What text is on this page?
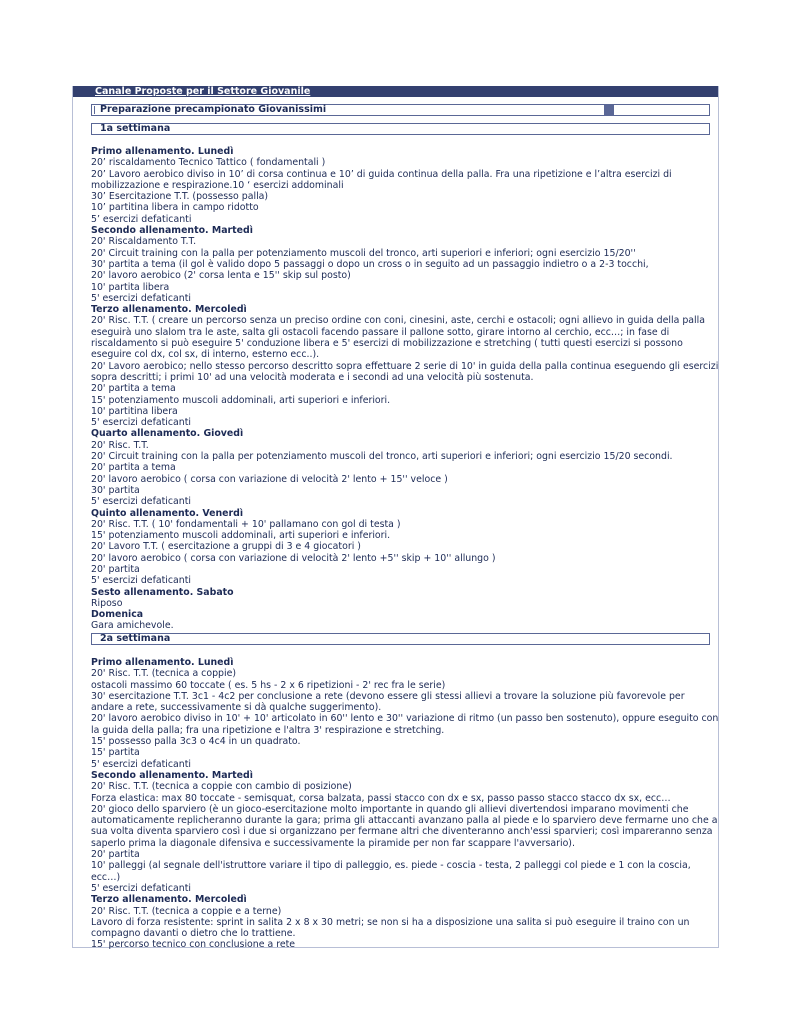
Canale Proposte per il Settore Giovanile
Preparazione precampionato Giovanissimi
1a settimana
Primo allenamento. Lunedì
20’ riscaldamento Tecnico Tattico ( fondamentali )
20’ Lavoro aerobico diviso in 10’ di corsa continua e 10’ di guida continua della palla. Fra una ripetizione e l’altra esercizi di
mobilizzazione e respirazione.10 ‘ esercizi addominali
30’ Esercitazione T.T. (possesso palla)
10’ partitina libera in campo ridotto
5’ esercizi defaticanti
Secondo allenamento. Martedì
20' Riscaldamento T.T.
20' Circuit training con la palla per potenziamento muscoli del tronco, arti superiori e inferiori; ogni esercizio 15/20''
30' partita a tema (il gol è valido dopo 5 passaggi o dopo un cross o in seguito ad un passaggio indietro o a 2-3 tocchi,
20' lavoro aerobico (2' corsa lenta e 15'' skip sul posto)
10' partita libera
5' esercizi defaticanti
Terzo allenamento. Mercoledì
20' Risc. T.T. ( creare un percorso senza un preciso ordine con coni, cinesini, aste, cerchi e ostacoli; ogni allievo in guida della palla
eseguirà uno slalom tra le aste, salta gli ostacoli facendo passare il pallone sotto, girare intorno al cerchio, ecc…; in fase di
riscaldamento si può eseguire 5' conduzione libera e 5' esercizi di mobilizzazione e stretching ( tutti questi esercizi si possono
eseguire col dx, col sx, di interno, esterno ecc..).
20' Lavoro aerobico; nello stesso percorso descritto sopra effettuare 2 serie di 10' in guida della palla continua eseguendo gli esercizi
sopra descritti; i primi 10' ad una velocità moderata e i secondi ad una velocità più sostenuta.
20' partita a tema
15' potenziamento muscoli addominali, arti superiori e inferiori.
10' partitina libera
5' esercizi defaticanti
Quarto allenamento. Giovedì
20' Risc. T.T.
20' Circuit training con la palla per potenziamento muscoli del tronco, arti superiori e inferiori; ogni esercizio 15/20 secondi.
20' partita a tema
20' lavoro aerobico ( corsa con variazione di velocità 2' lento + 15'' veloce )
30' partita
5' esercizi defaticanti
Quinto allenamento. Venerdì
20' Risc. T.T. ( 10' fondamentali + 10' pallamano con gol di testa )
15' potenziamento muscoli addominali, arti superiori e inferiori.
20' Lavoro T.T. ( esercitazione a gruppi di 3 e 4 giocatori )
20' lavoro aerobico ( corsa con variazione di velocità 2' lento +5'' skip + 10'' allungo )
20' partita
5' esercizi defaticanti
Sesto allenamento. Sabato
Riposo
Domenica
Gara amichevole.
2a settimana
Primo allenamento. Lunedì
20' Risc. T.T. (tecnica a coppie)
ostacoli massimo 60 toccate ( es. 5 hs - 2 x 6 ripetizioni - 2' rec fra le serie)
30' esercitazione T.T. 3c1 - 4c2 per conclusione a rete (devono essere gli stessi allievi a trovare la soluzione più favorevole per
andare a rete, successivamente si dà qualche suggerimento).
20' lavoro aerobico diviso in 10' + 10' articolato in 60'' lento e 30'' variazione di ritmo (un passo ben sostenuto), oppure eseguito con
la guida della palla; fra una ripetizione e l'altra 3' respirazione e stretching.
15' possesso palla 3c3 o 4c4 in un quadrato.
15' partita
5' esercizi defaticanti
Secondo allenamento. Martedì
20' Risc. T.T. (tecnica a coppie con cambio di posizione)
Forza elastica: max 80 toccate - semisquat, corsa balzata, passi stacco con dx e sx, passo passo stacco stacco dx sx, ecc…
20' gioco dello sparviero (è un gioco-esercitazione molto importante in quando gli allievi divertendosi imparano movimenti che
automaticamente replicheranno durante la gara; prima gli attaccanti avanzano palla al piede e lo sparviero deve fermarne uno che a
sua volta diventa sparviero così i due si organizzano per fermane altri che diventeranno anch'essi sparvieri; così impareranno senza
saperlo prima la diagonale difensiva e successivamente la piramide per non far scappare l'avversario).
20' partita
10' palleggi (al segnale dell'istruttore variare il tipo di palleggio, es. piede - coscia - testa, 2 palleggi col piede e 1 con la coscia,
ecc…)
5' esercizi defaticanti
Terzo allenamento. Mercoledì
20' Risc. T.T. (tecnica a coppie e a terne)
Lavoro di forza resistente: sprint in salita 2 x 8 x 30 metri; se non si ha a disposizione una salita si può eseguire il traino con un
compagno davanti o dietro che lo trattiene.
15' percorso tecnico con conclusione a rete
